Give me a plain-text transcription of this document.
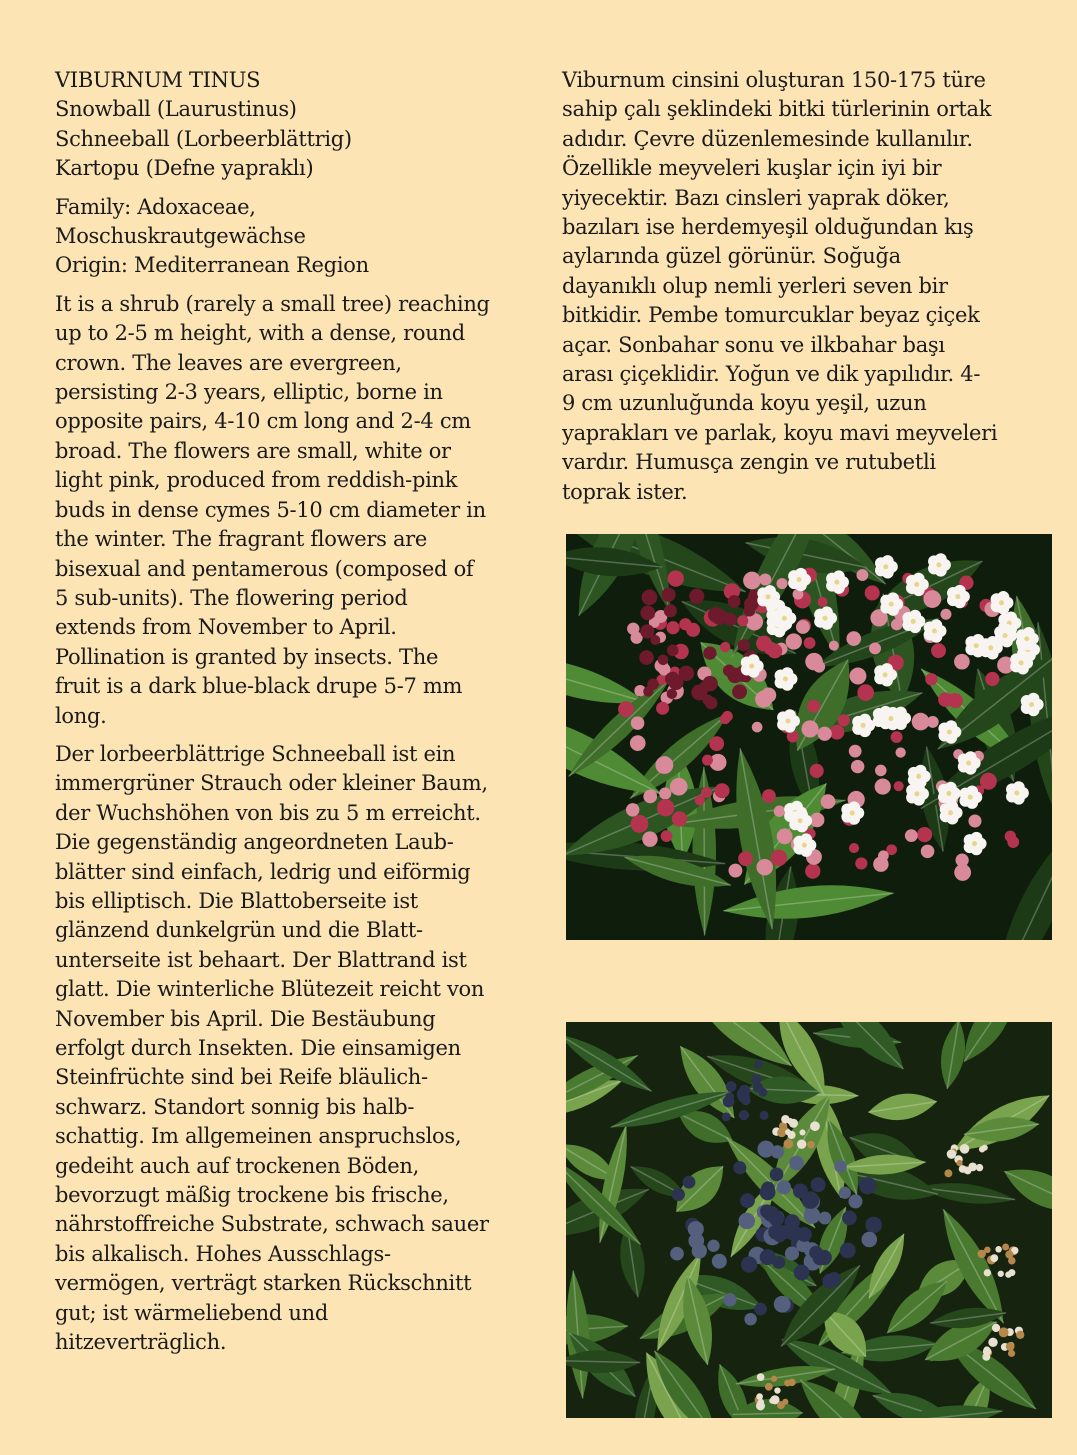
VIBURNUM TINUS
Snowball (Laurustinus)
Schneeball (Lorbeerblättrig)
Kartopu (Defne yapraklı)
Family: Adoxaceae,
Moschuskrautgewächse
Origin: Mediterranean Region
It is a shrub (rarely a small tree) reaching
up to 2-5 m height, with a dense, round
crown. The leaves are evergreen,
persisting 2-3 years, elliptic, borne in
opposite pairs, 4-10 cm long and 2-4 cm
broad. The flowers are small, white or
light pink, produced from reddish-pink
buds in dense cymes 5-10 cm diameter in
the winter. The fragrant flowers are
bisexual and pentamerous (composed of
5 sub-units). The flowering period
extends from November to April.
Pollination is granted by insects. The
fruit is a dark blue-black drupe 5-7 mm
long.
Der lorbeerblättrige Schneeball ist ein
immergrüner Strauch oder kleiner Baum,
der Wuchshöhen von bis zu 5 m erreicht.
Die gegenständig angeordneten Laub-
blätter sind einfach, ledrig und eiförmig
bis elliptisch. Die Blattoberseite ist
glänzend dunkelgrün und die Blatt-
unterseite ist behaart. Der Blattrand ist
glatt. Die winterliche Blütezeit reicht von
November bis April. Die Bestäubung
erfolgt durch Insekten. Die einsamigen
Steinfrüchte sind bei Reife bläulich-
schwarz. Standort sonnig bis halb-
schattig. Im allgemeinen anspruchslos,
gedeiht auch auf trockenen Böden,
bevorzugt mäßig trockene bis frische,
nährstoffreiche Substrate, schwach sauer
bis alkalisch. Hohes Ausschlags-
vermögen, verträgt starken Rückschnitt
gut; ist wärmeliebend und
hitzeverträglich.
Viburnum cinsini oluşturan 150-175 türe
sahip çalı şeklindeki bitki türlerinin ortak
adıdır. Çevre düzenlemesinde kullanılır.
Özellikle meyveleri kuşlar için iyi bir
yiyecektir. Bazı cinsleri yaprak döker,
bazıları ise herdemyeşil olduğundan kış
aylarında güzel görünür. Soğuğa
dayanıklı olup nemli yerleri seven bir
bitkidir. Pembe tomurcuklar beyaz çiçek
açar. Sonbahar sonu ve ilkbahar başı
arası çiçeklidir. Yoğun ve dik yapılıdır. 4-
9 cm uzunluğunda koyu yeşil, uzun
yaprakları ve parlak, koyu mavi meyveleri
vardır. Humusça zengin ve rutubetli
toprak ister.
